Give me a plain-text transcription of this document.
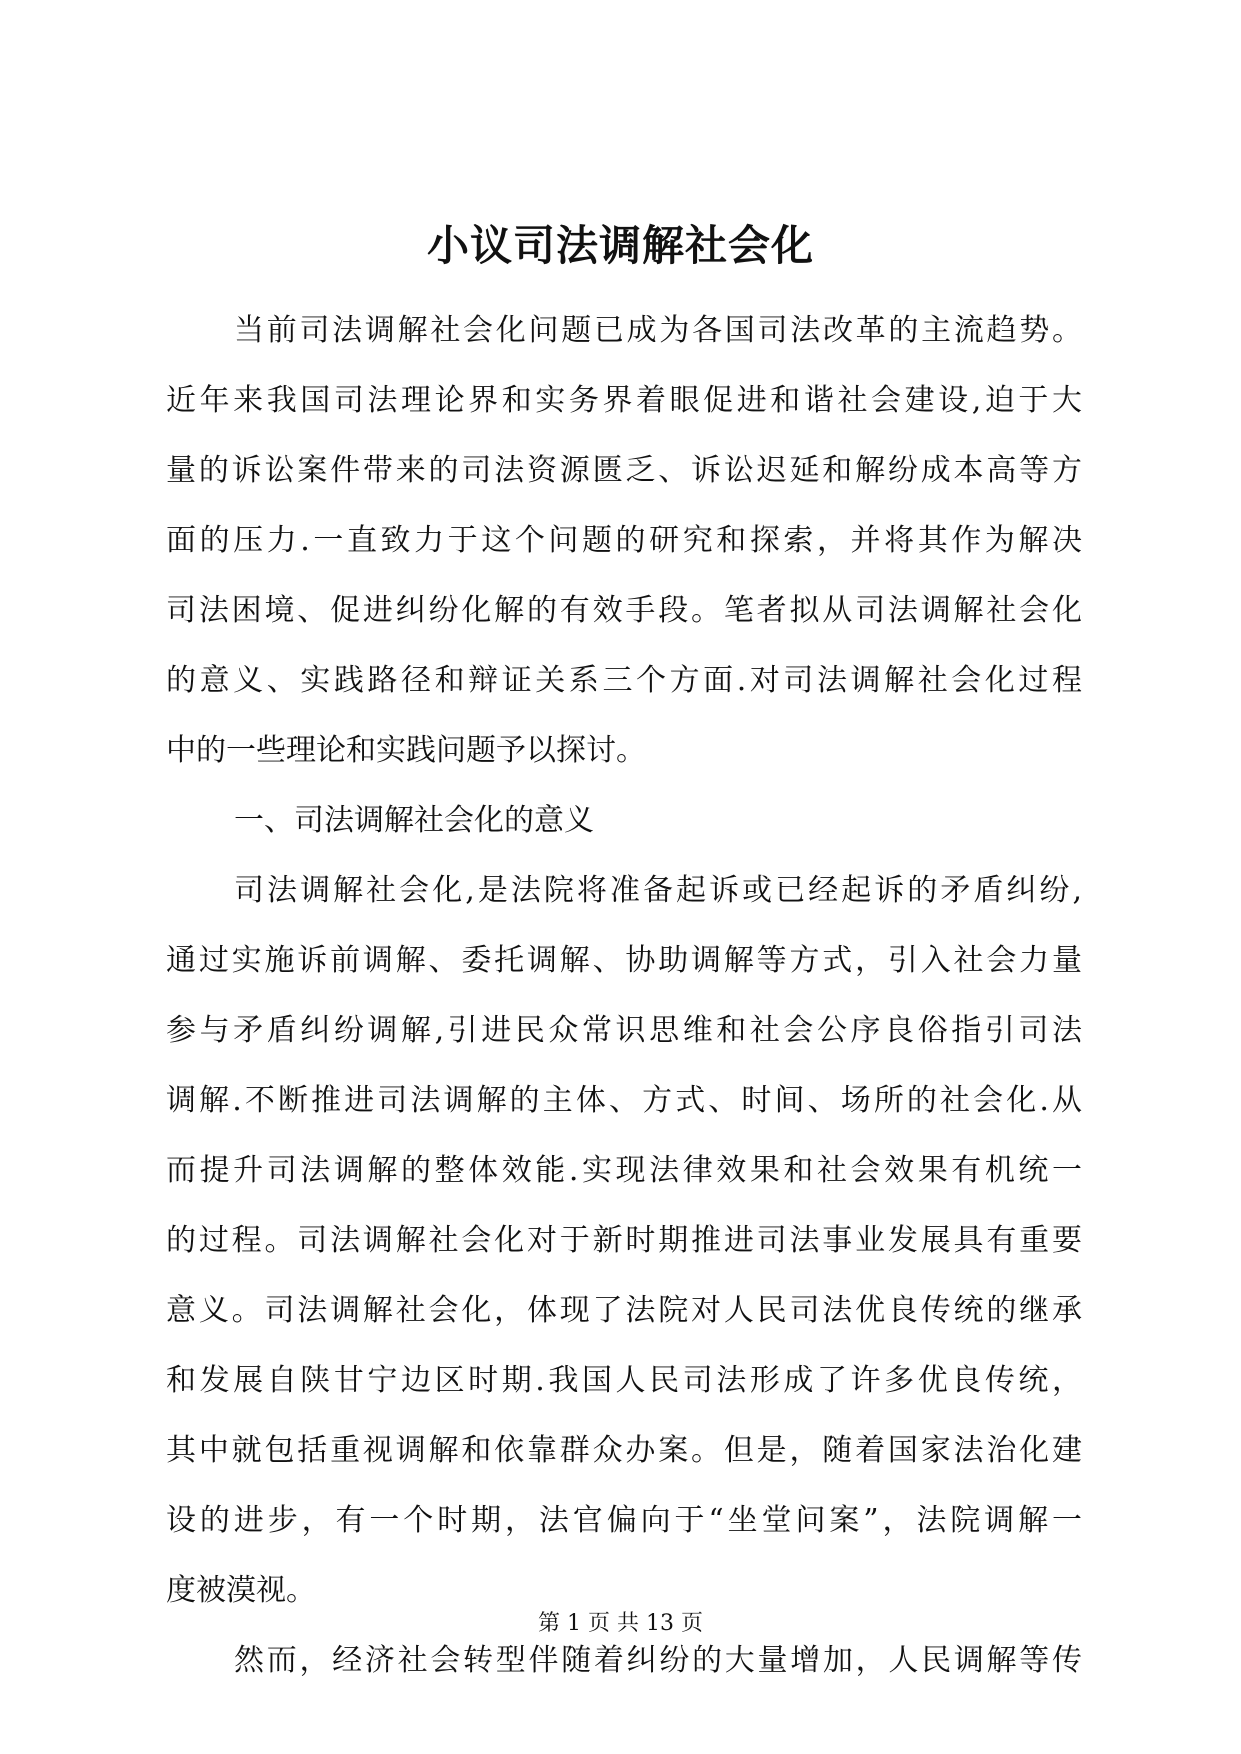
小议司法调解社会化
当前司法调解社会化问题已成为各国司法改革的主流趋势。
近年来我国司法理论界和实务界着眼促进和谐社会建设,迫于大
量的诉讼案件带来的司法资源匮乏、诉讼迟延和解纷成本高等方
面的压力.一直致力于这个问题的研究和探索，并将其作为解决
司法困境、促进纠纷化解的有效手段。笔者拟从司法调解社会化
的意义、实践路径和辩证关系三个方面.对司法调解社会化过程
中的一些理论和实践问题予以探讨。
一、司法调解社会化的意义
司法调解社会化,是法院将准备起诉或已经起诉的矛盾纠纷,
通过实施诉前调解、委托调解、协助调解等方式，引入社会力量
参与矛盾纠纷调解,引进民众常识思维和社会公序良俗指引司法
调解.不断推进司法调解的主体、方式、时间、场所的社会化.从
而提升司法调解的整体效能.实现法律效果和社会效果有机统一
的过程。司法调解社会化对于新时期推进司法事业发展具有重要
意义。司法调解社会化，体现了法院对人民司法优良传统的继承
和发展自陕甘宁边区时期.我国人民司法形成了许多优良传统，
其中就包括重视调解和依靠群众办案。但是，随着国家法治化建
设的进步，有一个时期，法官偏向于“坐堂问案”，法院调解一
度被漠视。
然而，经济社会转型伴随着纠纷的大量增加，人民调解等传
第 1 页 共 13 页
